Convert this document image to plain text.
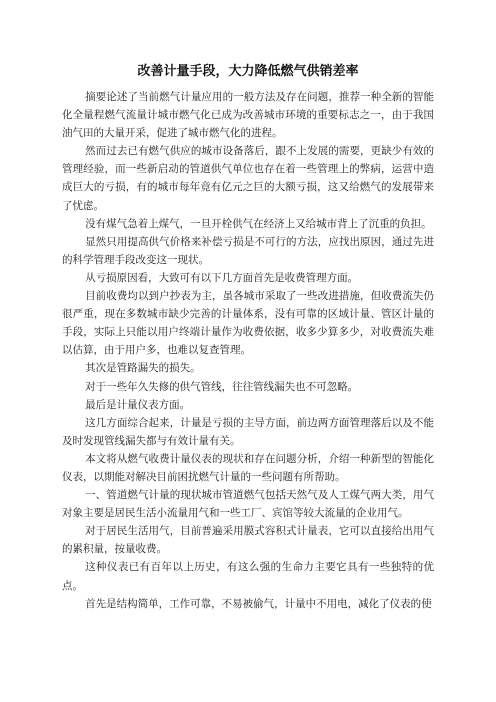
改善计量手段，大力降低燃气供销差率

摘要论述了当前燃气计量应用的一般方法及存在问题，推荐一种全新的智能化全量程燃气流量计城市燃气化已成为改善城市环境的重要标志之一，由于我国油气田的大量开采，促进了城市燃气化的进程。

然而过去已有燃气供应的城市设备落后，跟不上发展的需要，更缺少有效的管理经验，而一些新启动的管道供气单位也存在着一些管理上的弊病，运营中造成巨大的亏损，有的城市每年竟有亿元之巨的大额亏损，这又给燃气的发展带来了忧虑。

没有煤气急着上煤气，一旦开栓供气在经济上又给城市背上了沉重的负担。

显然只用提高供气价格来补偿亏损是不可行的方法，应找出原因，通过先进的科学管理手段改变这一现状。

从亏损原因看，大致可有以下几方面首先是收费管理方面。

目前收费均以到户抄表为主，虽各城市采取了一些改进措施，但收费流失仍很严重，现在多数城市缺少完善的计量体系，没有可靠的区域计量、管区计量的手段，实际上只能以用户终端计量作为收费依据，收多少算多少，对收费流失难以估算，由于用户多，也难以复查管理。

其次是管路漏失的损失。

对于一些年久失修的供气管线，往往管线漏失也不可忽略。

最后是计量仪表方面。

这几方面综合起来，计量是亏损的主导方面，前边两方面管理落后以及不能及时发现管线漏失都与有效计量有关。

本文将从燃气收费计量仪表的现状和存在问题分析，介绍一种新型的智能化仪表，以期能对解决目前困扰燃气计量的一些问题有所帮助。

一、管道燃气计量的现状城市管道燃气包括天然气及人工煤气两大类，用气对象主要是居民生活小流量用气和一些工厂、宾馆等较大流量的企业用气。

对于居民生活用气，目前普遍采用膜式容积式计量表，它可以直接给出用气的累积量，按量收费。

这种仪表已有百年以上历史，有这么强的生命力主要它具有一些独特的优点。

首先是结构简单，工作可靠，不易被偷气，计量中不用电，减化了仪表的使
